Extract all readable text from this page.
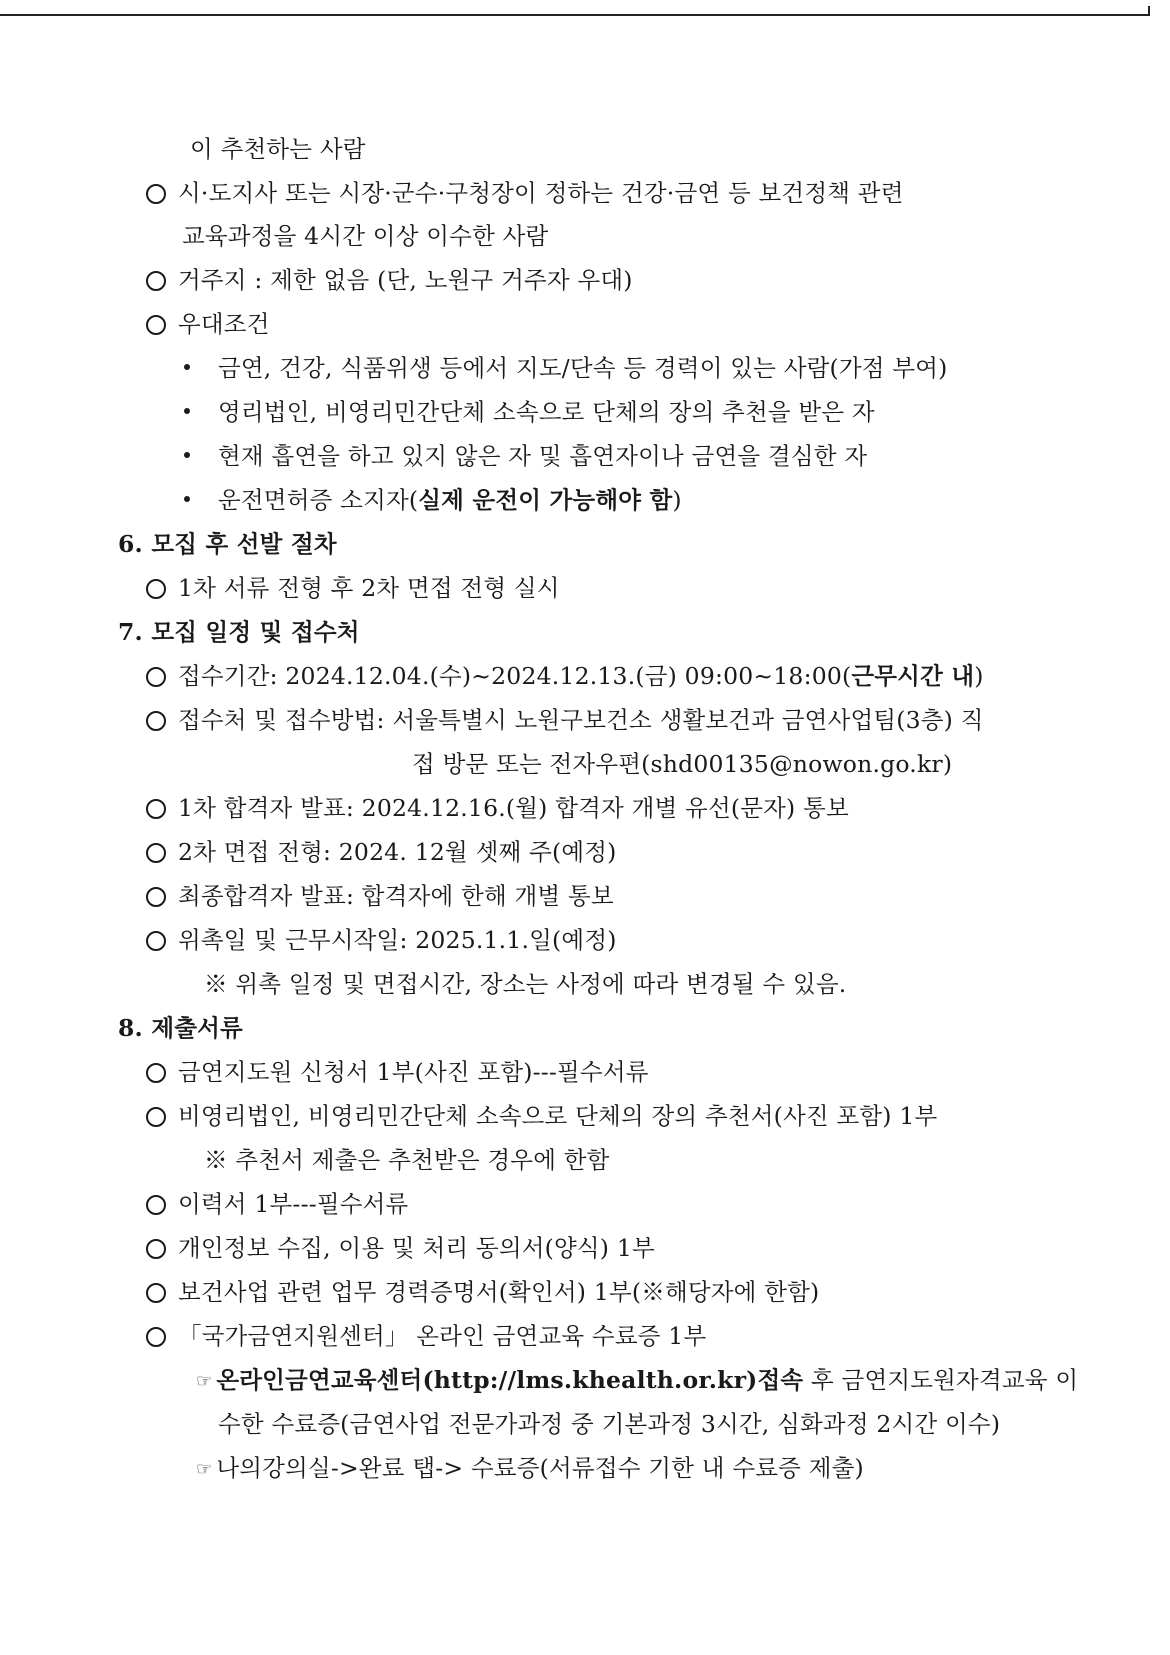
이 추천하는 사람
시·도지사 또는 시장·군수·구청장이 정하는 건강·금연 등 보건정책 관련
교육과정을 4시간 이상 이수한 사람
거주지 : 제한 없음 (단, 노원구 거주자 우대)
우대조건
금연, 건강, 식품위생 등에서 지도/단속 등 경력이 있는 사람(가점 부여)
영리법인, 비영리민간단체 소속으로 단체의 장의 추천을 받은 자
현재 흡연을 하고 있지 않은 자 및 흡연자이나 금연을 결심한 자
운전면허증 소지자(실제 운전이 가능해야 함)
6. 모집 후 선발 절차
1차 서류 전형 후 2차 면접 전형 실시
7. 모집 일정 및 접수처
접수기간: 2024.12.04.(수)~2024.12.13.(금) 09:00~18:00(근무시간 내)
접수처 및 접수방법: 서울특별시 노원구보건소 생활보건과 금연사업팀(3층) 직
접 방문 또는 전자우편(shd00135@nowon.go.kr)
1차 합격자 발표: 2024.12.16.(월) 합격자 개별 유선(문자) 통보
2차 면접 전형: 2024. 12월 셋째 주(예정)
최종합격자 발표: 합격자에 한해 개별 통보
위촉일 및 근무시작일: 2025.1.1.일(예정)
※ 위촉 일정 및 면접시간, 장소는 사정에 따라 변경될 수 있음.
8. 제출서류
금연지도원 신청서 1부(사진 포함)---필수서류
비영리법인, 비영리민간단체 소속으로 단체의 장의 추천서(사진 포함) 1부
※ 추천서 제출은 추천받은 경우에 한함
이력서 1부---필수서류
개인정보 수집, 이용 및 처리 동의서(양식) 1부
보건사업 관련 업무 경력증명서(확인서) 1부(※해당자에 한함)
「국가금연지원센터」 온라인 금연교육 수료증 1부
☞ 온라인금연교육센터(http://lms.khealth.or.kr)접속 후 금연지도원자격교육 이
수한 수료증(금연사업 전문가과정 중 기본과정 3시간, 심화과정 2시간 이수)
☞ 나의강의실->완료 탭-> 수료증(서류접수 기한 내 수료증 제출)
